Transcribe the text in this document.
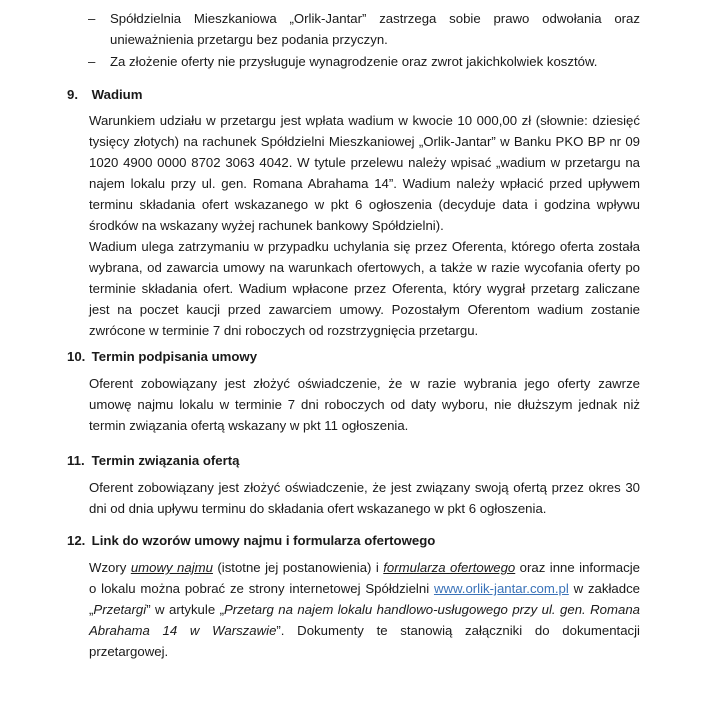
– Spółdzielnia Mieszkaniowa „Orlik-Jantar” zastrzega sobie prawo odwołania oraz unieważnienia przetargu bez podania przyczyn.
– Za złożenie oferty nie przysługuje wynagrodzenie oraz zwrot jakichkolwiek kosztów.
9. Wadium

Warunkiem udziału w przetargu jest wpłata wadium w kwocie 10 000,00 zł (słownie: dziesięć tysięcy złotych) na rachunek Spółdzielni Mieszkaniowej „Orlik-Jantar” w Banku PKO BP nr 09 1020 4900 0000 8702 3063 4042. W tytule przelewu należy wpisać „wadium w przetargu na najem lokalu przy ul. gen. Romana Abrahama 14”. Wadium należy wpłacić przed upływem terminu składania ofert wskazanego w pkt 6 ogłoszenia (decyduje data i godzina wpływu środków na wskazany wyżej rachunek bankowy Spółdzielni).

Wadium ulega zatrzymaniu w przypadku uchylania się przez Oferenta, którego oferta została wybrana, od zawarcia umowy na warunkach ofertowych, a także w razie wycofania oferty po terminie składania ofert. Wadium wpłacone przez Oferenta, który wygrał przetarg zaliczane jest na poczet kaucji przed zawarciem umowy. Pozostałym Oferentom wadium zostanie zwrócone w terminie 7 dni roboczych od rozstrzygnięcia przetargu.

10. Termin podpisania umowy

Oferent zobowiązany jest złożyć oświadczenie, że w razie wybrania jego oferty zawrze umowę najmu lokalu w terminie 7 dni roboczych od daty wyboru, nie dłuższym jednak niż termin związania ofertą wskazany w pkt 11 ogłoszenia.

11. Termin związania ofertą

Oferent zobowiązany jest złożyć oświadczenie, że jest związany swoją ofertą przez okres 30 dni od dnia upływu terminu do składania ofert wskazanego w pkt 6 ogłoszenia.

12. Link do wzorów umowy najmu i formularza ofertowego

Wzory umowy najmu (istotne jej postanowienia) i formularza ofertowego oraz inne informacje o lokalu można pobrać ze strony internetowej Spółdzielni www.orlik-jantar.com.pl w zakładce „Przetargi” w artykule „Przetarg na najem lokalu handlowo-usługowego przy ul. gen. Romana Abrahama 14 w Warszawie”. Dokumenty te stanowią załączniki do dokumentacji przetargowej.
